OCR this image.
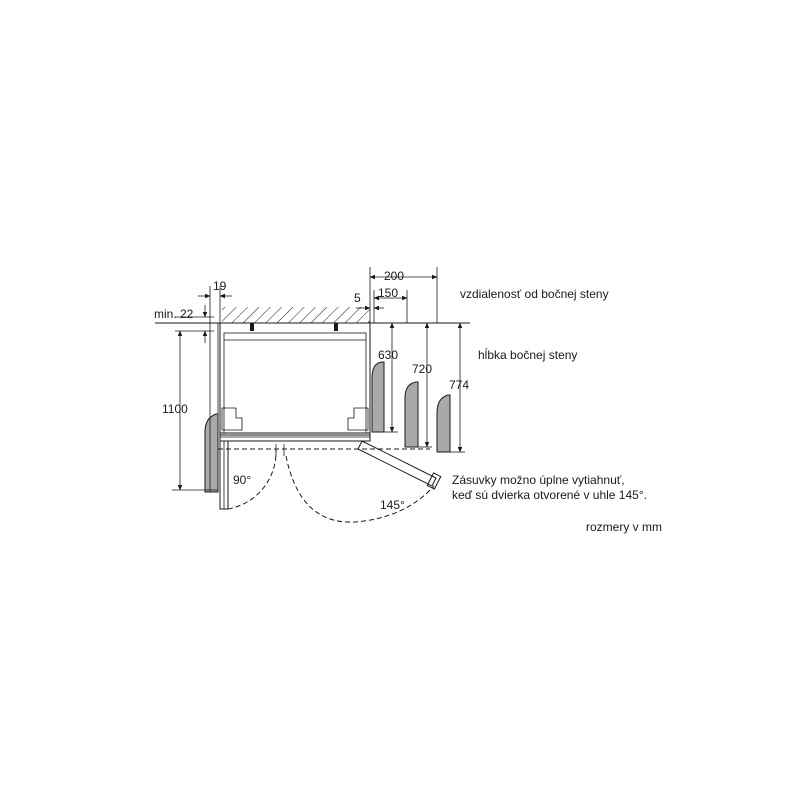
19
min. 22
1100
5
200
150
630
720
774
90°
145°
vzdialenosť od bočnej steny
hĺbka bočnej steny
Zásuvky možno úplne vytiahnuť,
keď sú dvierka otvorené v uhle 145°.
rozmery v mm
